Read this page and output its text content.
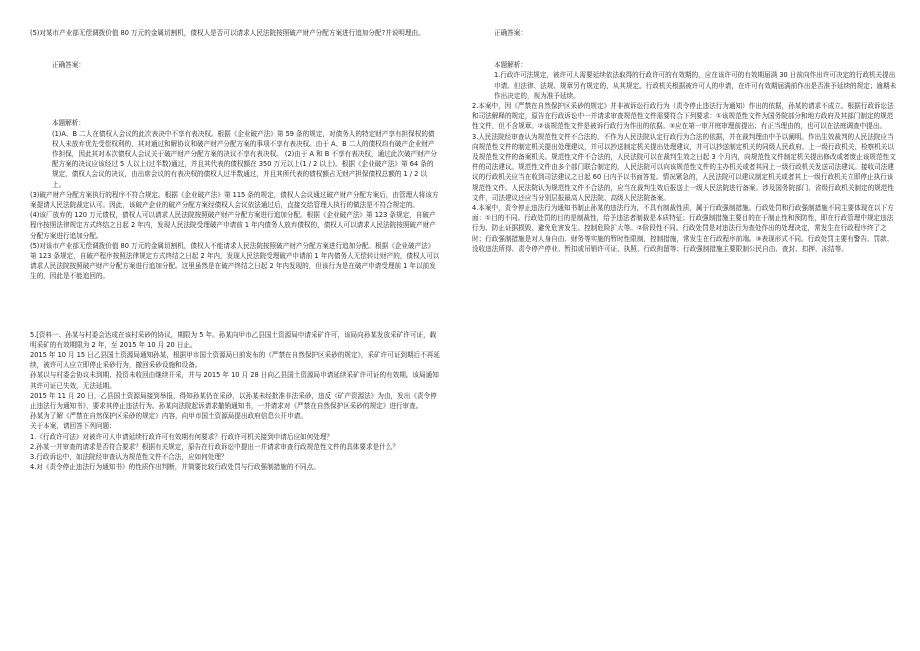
(5)对某市产业部无偿调拨价值 80 万元的金属切割机，债权人是否可以请求人民法院按照破产财产分配方案进行追加分配?并说明理由。

正确答案：

本题解析：

(1)A、B 二人在债权人会议的此次表决中不享有表决权。根据《企业破产法》第 59 条的规定，对债务人的特定财产享有担保权的债权人未放弃优先受偿权利的，其对通过和解协议和破产财产分配方案的事项不享有表决权。由于 A、B 二人的债权均有破产企业财产作担保，因此其对本次债权人会议关于破产财产分配方案的决议不享有表决权。 (2)由于 A 和 B 不享有表决权，通过此次破产财产分配方案的决议应该经过 5 人以上(过半数)通过，并且其代表的债权额在 350 万元以上(1 / 2 以上)。根据《企业破产法》第 64 条的规定，债权人会议的决议，由出席会议的有表决权的债权人过半数通过，并且其所代表的债权额占无财产担保债权总额的 1 / 2 以上。

(3)破产财产分配方案执行的程序不符合规定。根据《企业破产法》第 115 条的规定，债权人会议通过破产财产分配方案后，由管理人将该方案提请人民法院裁定认可。因此，该破产企业的破产分配方案经债权人会议依法通过后，直接交给管理人执行的做法是不符合规定的。

(4)该厂放弃的 120 万元债权，债权人可以请求人民法院按照破产财产分配方案进行追加分配。根据《企业破产法》第 123 条规定，自破产程序按照法律规定方式终结之日起 2 年内，发现人民法院受理破产申请前 1 年内债务人放弃债权的，债权人可以请求人民法院按照破产财产分配方案进行追加分配。

(5)对该市产业部无偿调拨价值 80 万元的金属切割机，债权人不能请求人民法院按照破产财产分配方案进行追加分配。根据《企业破产法》第 123 条规定，自破产程序按照法律规定方式终结之日起 2 年内，发现人民法院受理破产申请前 1 年内债务人无偿转让财产的，债权人可以请求人民法院按照破产财产分配方案进行追加分配。这里虽然是在破产终结之日起 2 年内发现的，但该行为是在破产申请受理前 1 年以前发生的，因此是不能追回的。

5.[资料一、孙某与村委会达成在该村采砂的协议，期限为 5 年。孙某向甲市乙县国土资源局申请采矿许可，该局向孙某发放采矿许可证，载明采矿的有效期限为 2 年，至 2015 年 10 月 20 日止。

2015 年 10 月 15 日乙县国土资源局通知孙某，根据甲市国土资源局日前发布的《严禁在自然保护区采砂的规定》，采矿许可证到期后不再延续，被许可人应立即停止采砂行为，撤回采砂设施和设备。

孙某以与村委会协议未到期、投资未收回由继续开采，并与 2015 年 10 月 28 日向乙县国土资源局申请延续采矿许可证的有效期。该局通知其许可证已失效，无法延期。

2015 年 11 月 20 日，乙县国土资源局接到举报，得知孙某仍在采砂，以孙某未经批准非法采砂，违反《矿产资源法》为由，发出《责令停止违法行为通知书》，要求其停止违法行为。孙某向法院起诉请求撤销通知书，一并请求对《严禁在自然保护区采砂的规定》进行审查。

孙某为了解《严禁在自然保护区采砂的规定》内容，向甲市国土资源局提出政府信息公开申请。

关于本案，请回答下列问题:

1.《行政许可法》对被许可人申请延续行政许可有效期有何要求？行政许可机关接到申请后应如何处理？

2.孙某一并审查的请求是否符合要求？根据有关规定，原告在行政诉讼中提出一并请求审查行政规范性文件的具体要求是什么？

3.行政诉讼中，如法院经审查认为规范性文件不合法，应如何处理？

4.对《责令停止违法行为通知书》的性质作出判断，并简要比较行政处罚与行政强制措施的不同点。

正确答案：

本题解析：

1.行政许可法规定，被许可人需要延续依法取得的行政许可的有效期的，应在该许可的有效期届满 30 日前向作出许可决定的行政机关提出申请。但法律、法规、规章另有规定的，从其规定。行政机关根据被许可人的申请，在许可有效期届满前作出是否准予延续的规定；逾期未作出决定的，视为准予延续。

2.本案中，因《严禁在自然保护区采砂的规定》并非被诉讼行政行为（责令停止违法行为通知）作出的依据，孙某的请求不成立。根据行政诉讼法和司法解释的规定，原告在行政诉讼中一并请求审查规范性文件需要符合下列要求：①该规范性文件为国务院部分和地方政府及其部门制定的规范性文件，但不含规章。②该规范性文件是被诉行政行为作出的依据。③应在第一审开庭审理前提出；有正当理由的，也可以在法庭调查中提出。

3.人民法院经审查认为规范性文件不合法的，不作为人民法院认定行政行为合法的依据，并在裁判理由中予以阐明。作出生效裁判的人民法院应当向规范性文件的制定机关提出处理建议，并可以抄送制定机关提出处理建议，并可以抄送制定机关的同级人民政府、上一级行政机关、检察机关以及规范性文件的备案机关。规范性文件不合法的，人民法院可以在裁判生效之日起 3 个月内，向规范性文件制定机关提出修改或者废止该规范性文件的司法建议。规范性文件由多个部门联合制定的，人民法院可以向该规范性文件的主办机关或者其同上一级行政机关发送司法建议。接收司法建议的行政机关应当在收到司法建议之日起 60 日内予以书面答复。情况紧急的，人民法院可以建议制定机关或者其上一级行政机关立即停止执行该规范性文件。人民法院认为规范性文件不合法的，应当在裁判生效后报送上一级人民法院进行备案。涉及国务院部门、省级行政机关制定的规范性文件，司法建议还应当分别层报最高人民法院、高级人民法院备案。

4.本案中，责令停止违法行为通知书制止孙某的违法行为，不具有制裁性质，属于行政强制措施。行政处罚和行政强制措施不同主要体现在以下方面：①目的不同。行政处罚的目的是制裁性，给予违法者制裁是本质特征；行政强制措施主要目的在于制止性和预防性，即在行政管理中规定违法行为、防止证据损毁、避免危害发生、控制危险扩大等。②阶段性不同。行政处罚是对违法行为查处作出的处理决定，常发生在行政程序终了之时；行政强制措施是对人身自由、财务等实施的暂时性限制，控制措施，常发生在行政程序前端。③表现形式不同。行政处罚主要有警告、罚款、没收违法所得、责令停产停业、暂扣或吊销许可证、执照、行政拘留等；行政强制措施主要限制公民自由、查封、扣押、冻结等。
